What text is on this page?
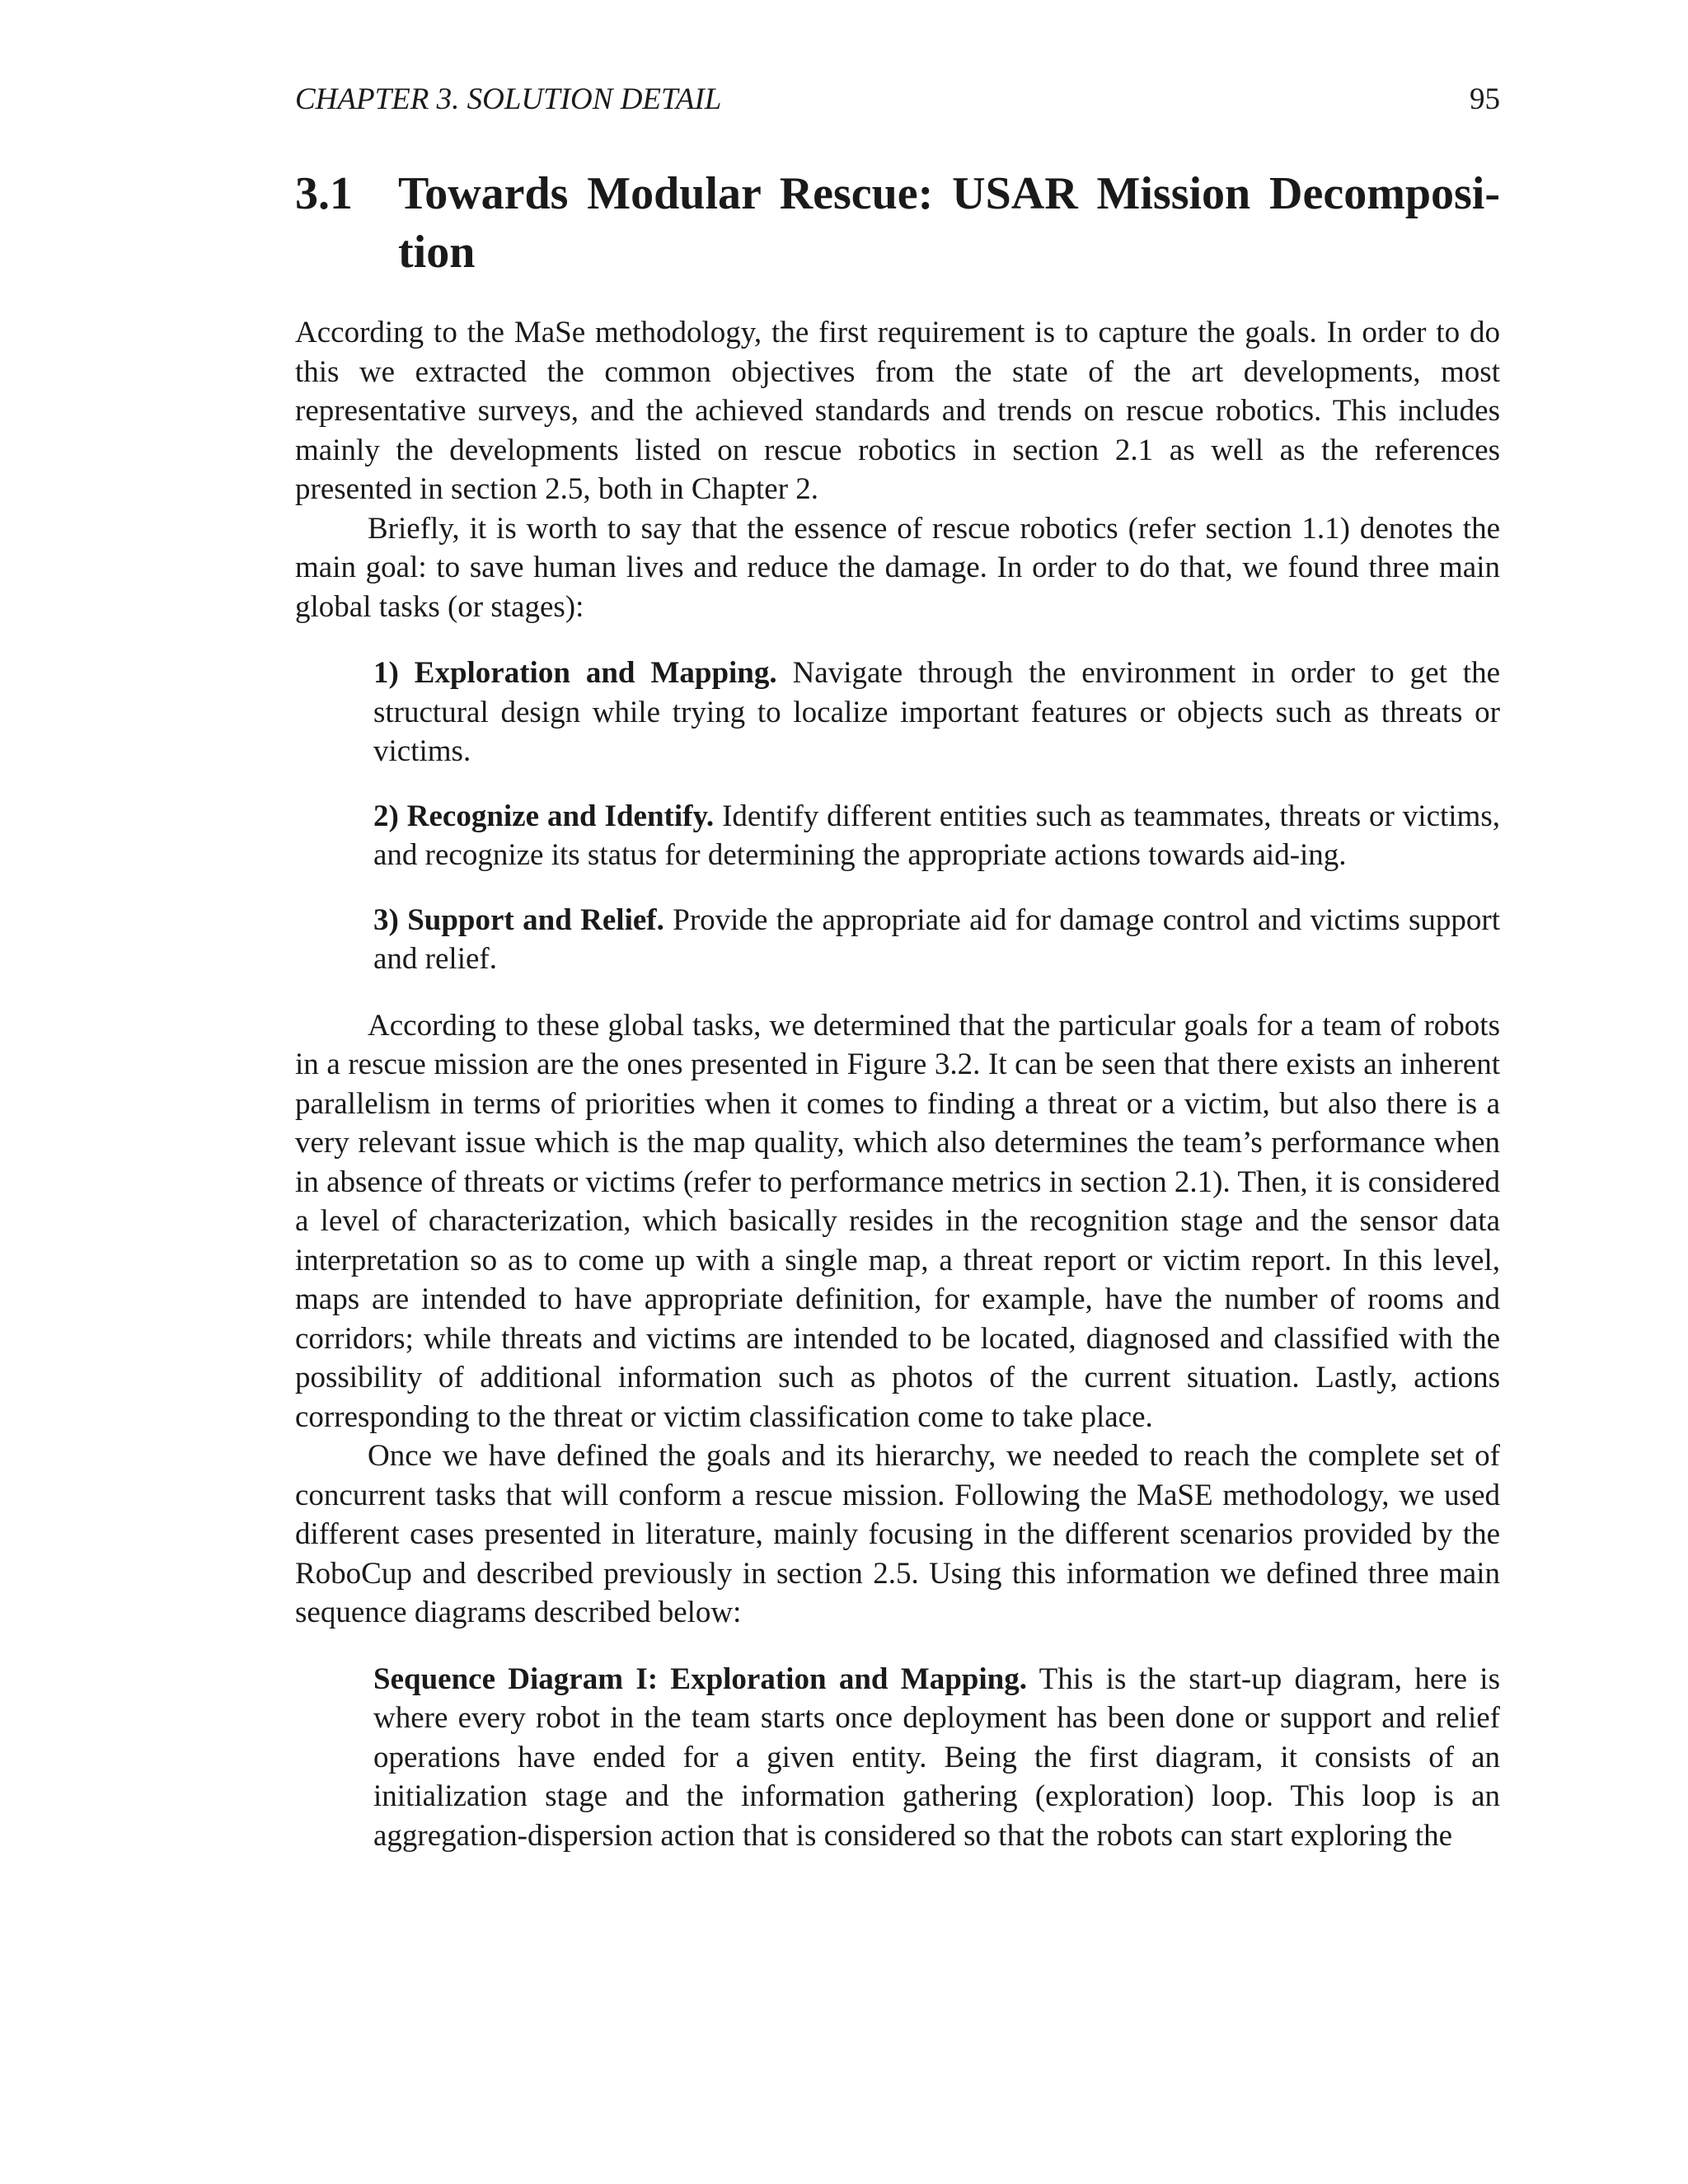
CHAPTER 3. SOLUTION DETAIL	95
3.1 Towards Modular Rescue: USAR Mission Decomposi-tion

According to the MaSe methodology, the first requirement is to capture the goals. In order to do this we extracted the common objectives from the state of the art developments, most representative surveys, and the achieved standards and trends on rescue robotics. This includes mainly the developments listed on rescue robotics in section 2.1 as well as the references presented in section 2.5, both in Chapter 2.

Briefly, it is worth to say that the essence of rescue robotics (refer section 1.1) denotes the main goal: to save human lives and reduce the damage. In order to do that, we found three main global tasks (or stages):

1) Exploration and Mapping. Navigate through the environment in order to get the structural design while trying to localize important features or objects such as threats or victims.
2) Recognize and Identify. Identify different entities such as teammates, threats or victims, and recognize its status for determining the appropriate actions towards aid-ing.
3) Support and Relief. Provide the appropriate aid for damage control and victims support and relief.

According to these global tasks, we determined that the particular goals for a team of robots in a rescue mission are the ones presented in Figure 3.2. It can be seen that there exists an inherent parallelism in terms of priorities when it comes to finding a threat or a victim, but also there is a very relevant issue which is the map quality, which also determines the team’s performance when in absence of threats or victims (refer to performance metrics in section 2.1). Then, it is considered a level of characterization, which basically resides in the recognition stage and the sensor data interpretation so as to come up with a single map, a threat report or victim report. In this level, maps are intended to have appropriate definition, for example, have the number of rooms and corridors; while threats and victims are intended to be located, diagnosed and classified with the possibility of additional information such as photos of the current situation. Lastly, actions corresponding to the threat or victim classification come to take place.

Once we have defined the goals and its hierarchy, we needed to reach the complete set of concurrent tasks that will conform a rescue mission. Following the MaSE methodology, we used different cases presented in literature, mainly focusing in the different scenarios provided by the RoboCup and described previously in section 2.5. Using this information we defined three main sequence diagrams described below:

Sequence Diagram I: Exploration and Mapping. This is the start-up diagram, here is where every robot in the team starts once deployment has been done or support and relief operations have ended for a given entity. Being the first diagram, it consists of an initialization stage and the information gathering (exploration) loop. This loop is an aggregation-dispersion action that is considered so that the robots can start exploring the
